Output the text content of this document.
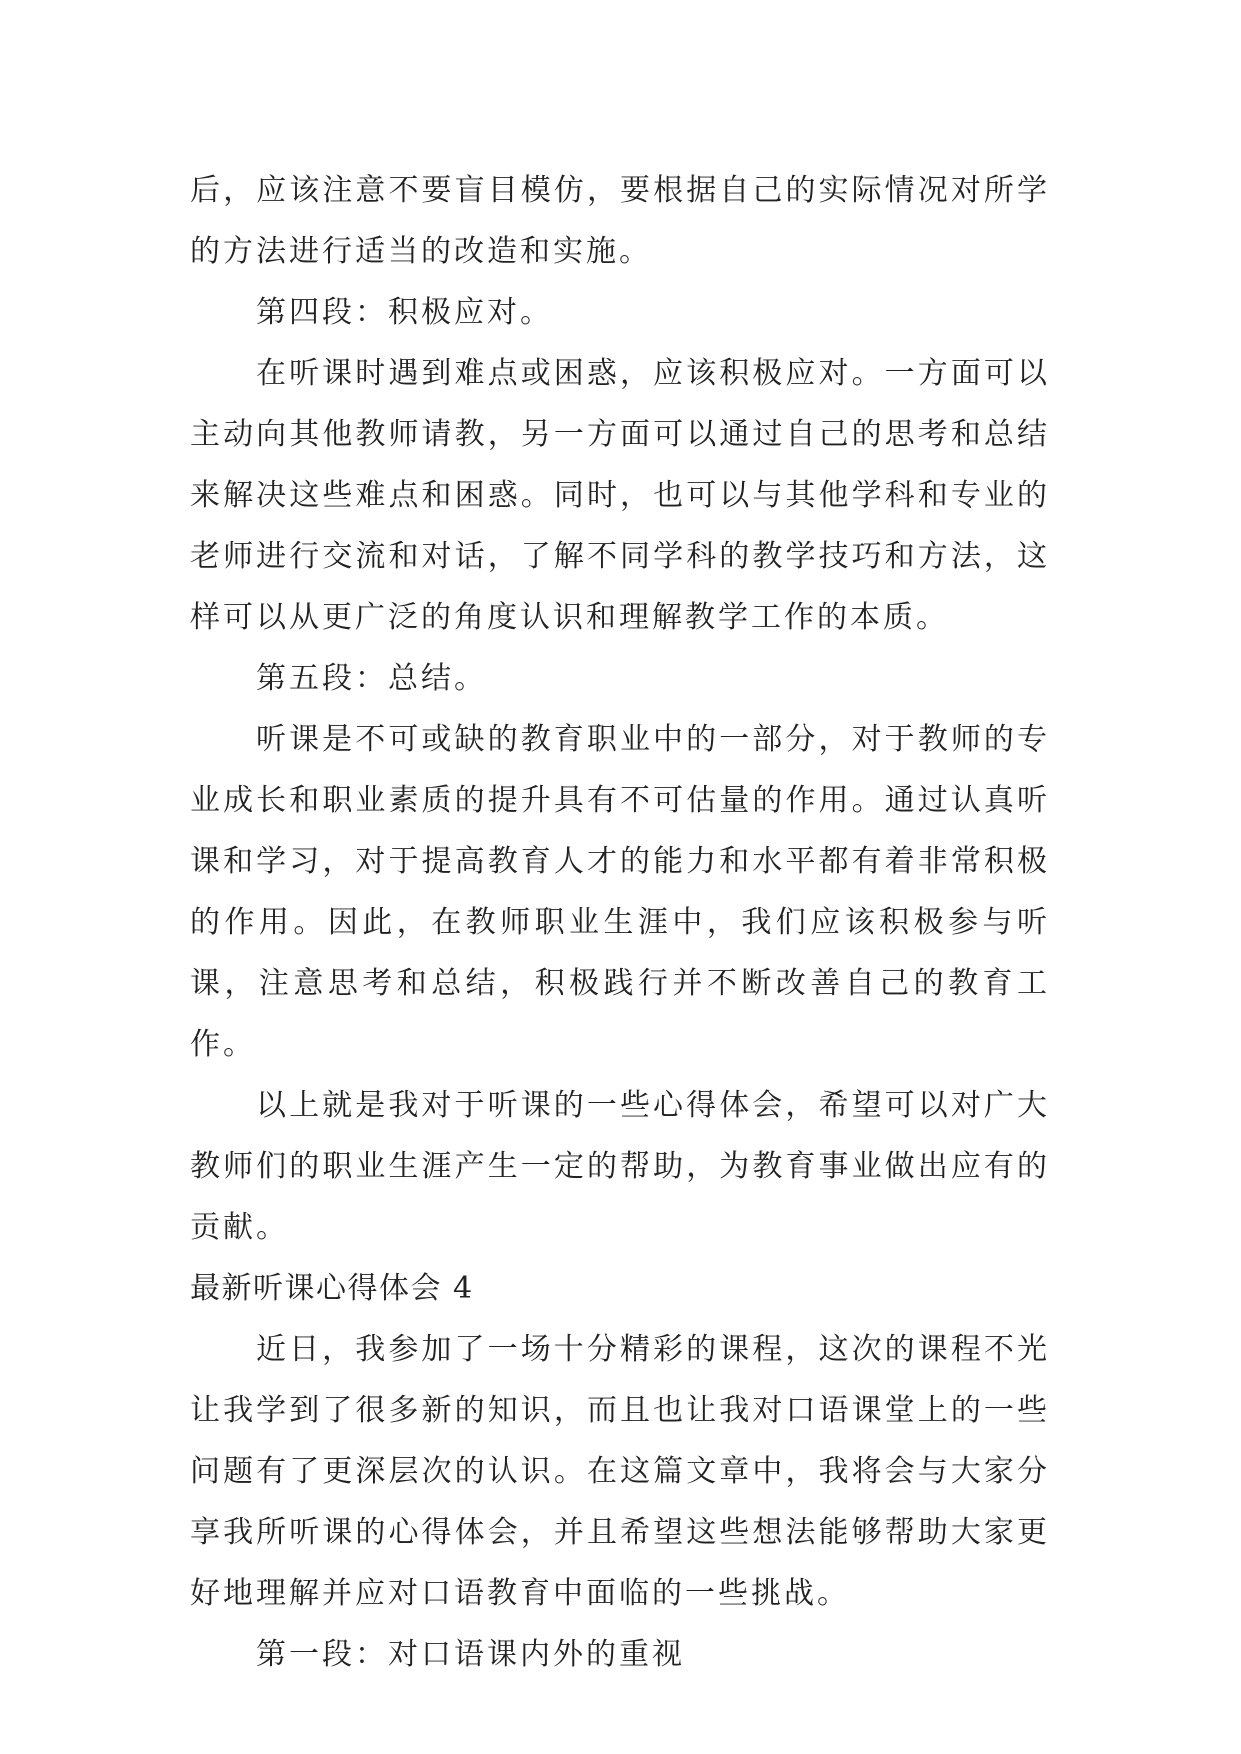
后，应该注意不要盲目模仿，要根据自己的实际情况对所学的方法进行适当的改造和实施。

第四段：积极应对。

在听课时遇到难点或困惑，应该积极应对。一方面可以主动向其他教师请教，另一方面可以通过自己的思考和总结来解决这些难点和困惑。同时，也可以与其他学科和专业的老师进行交流和对话，了解不同学科的教学技巧和方法，这样可以从更广泛的角度认识和理解教学工作的本质。

第五段：总结。

听课是不可或缺的教育职业中的一部分，对于教师的专业成长和职业素质的提升具有不可估量的作用。通过认真听课和学习，对于提高教育人才的能力和水平都有着非常积极的作用。因此，在教师职业生涯中，我们应该积极参与听课，注意思考和总结，积极践行并不断改善自己的教育工作。

以上就是我对于听课的一些心得体会，希望可以对广大教师们的职业生涯产生一定的帮助，为教育事业做出应有的贡献。

最新听课心得体会 4

近日，我参加了一场十分精彩的课程，这次的课程不光让我学到了很多新的知识，而且也让我对口语课堂上的一些问题有了更深层次的认识。在这篇文章中，我将会与大家分享我所听课的心得体会，并且希望这些想法能够帮助大家更好地理解并应对口语教育中面临的一些挑战。

第一段：对口语课内外的重视
